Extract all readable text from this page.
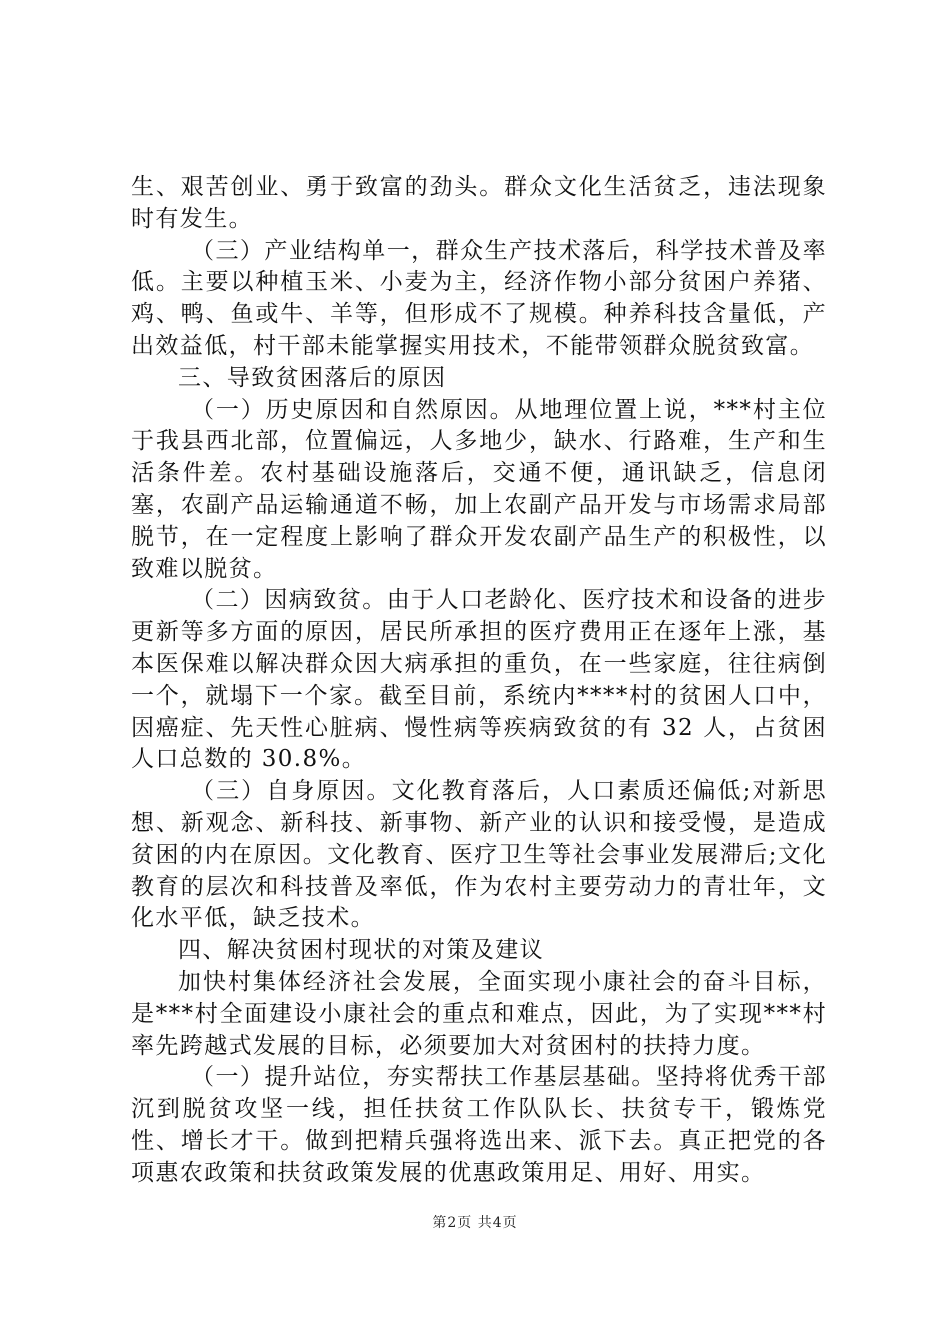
生、艰苦创业、勇于致富的劲头。群众文化生活贫乏，违法现象时有发生。

（三）产业结构单一，群众生产技术落后，科学技术普及率低。主要以种植玉米、小麦为主，经济作物小部分贫困户养猪、鸡、鸭、鱼或牛、羊等，但形成不了规模。种养科技含量低，产出效益低，村干部未能掌握实用技术，不能带领群众脱贫致富。

三、导致贫困落后的原因

（一）历史原因和自然原因。从地理位置上说，***村主位于我县西北部，位置偏远，人多地少，缺水、行路难，生产和生活条件差。农村基础设施落后，交通不便，通讯缺乏，信息闭塞，农副产品运输通道不畅，加上农副产品开发与市场需求局部脱节，在一定程度上影响了群众开发农副产品生产的积极性，以致难以脱贫。

（二）因病致贫。由于人口老龄化、医疗技术和设备的进步更新等多方面的原因，居民所承担的医疗费用正在逐年上涨，基本医保难以解决群众因大病承担的重负，在一些家庭，往往病倒一个，就塌下一个家。截至目前，系统内****村的贫困人口中，因癌症、先天性心脏病、慢性病等疾病致贫的有 32 人，占贫困人口总数的 30.8%。

（三）自身原因。文化教育落后，人口素质还偏低;对新思想、新观念、新科技、新事物、新产业的认识和接受慢，是造成贫困的内在原因。文化教育、医疗卫生等社会事业发展滞后;文化教育的层次和科技普及率低，作为农村主要劳动力的青壮年，文化水平低，缺乏技术。

四、解决贫困村现状的对策及建议

加快村集体经济社会发展，全面实现小康社会的奋斗目标，是***村全面建设小康社会的重点和难点，因此，为了实现***村率先跨越式发展的目标，必须要加大对贫困村的扶持力度。

（一）提升站位，夯实帮扶工作基层基础。坚持将优秀干部沉到脱贫攻坚一线，担任扶贫工作队队长、扶贫专干，锻炼党性、增长才干。做到把精兵强将选出来、派下去。真正把党的各项惠农政策和扶贫政策发展的优惠政策用足、用好、用实。

第2页 共4页
